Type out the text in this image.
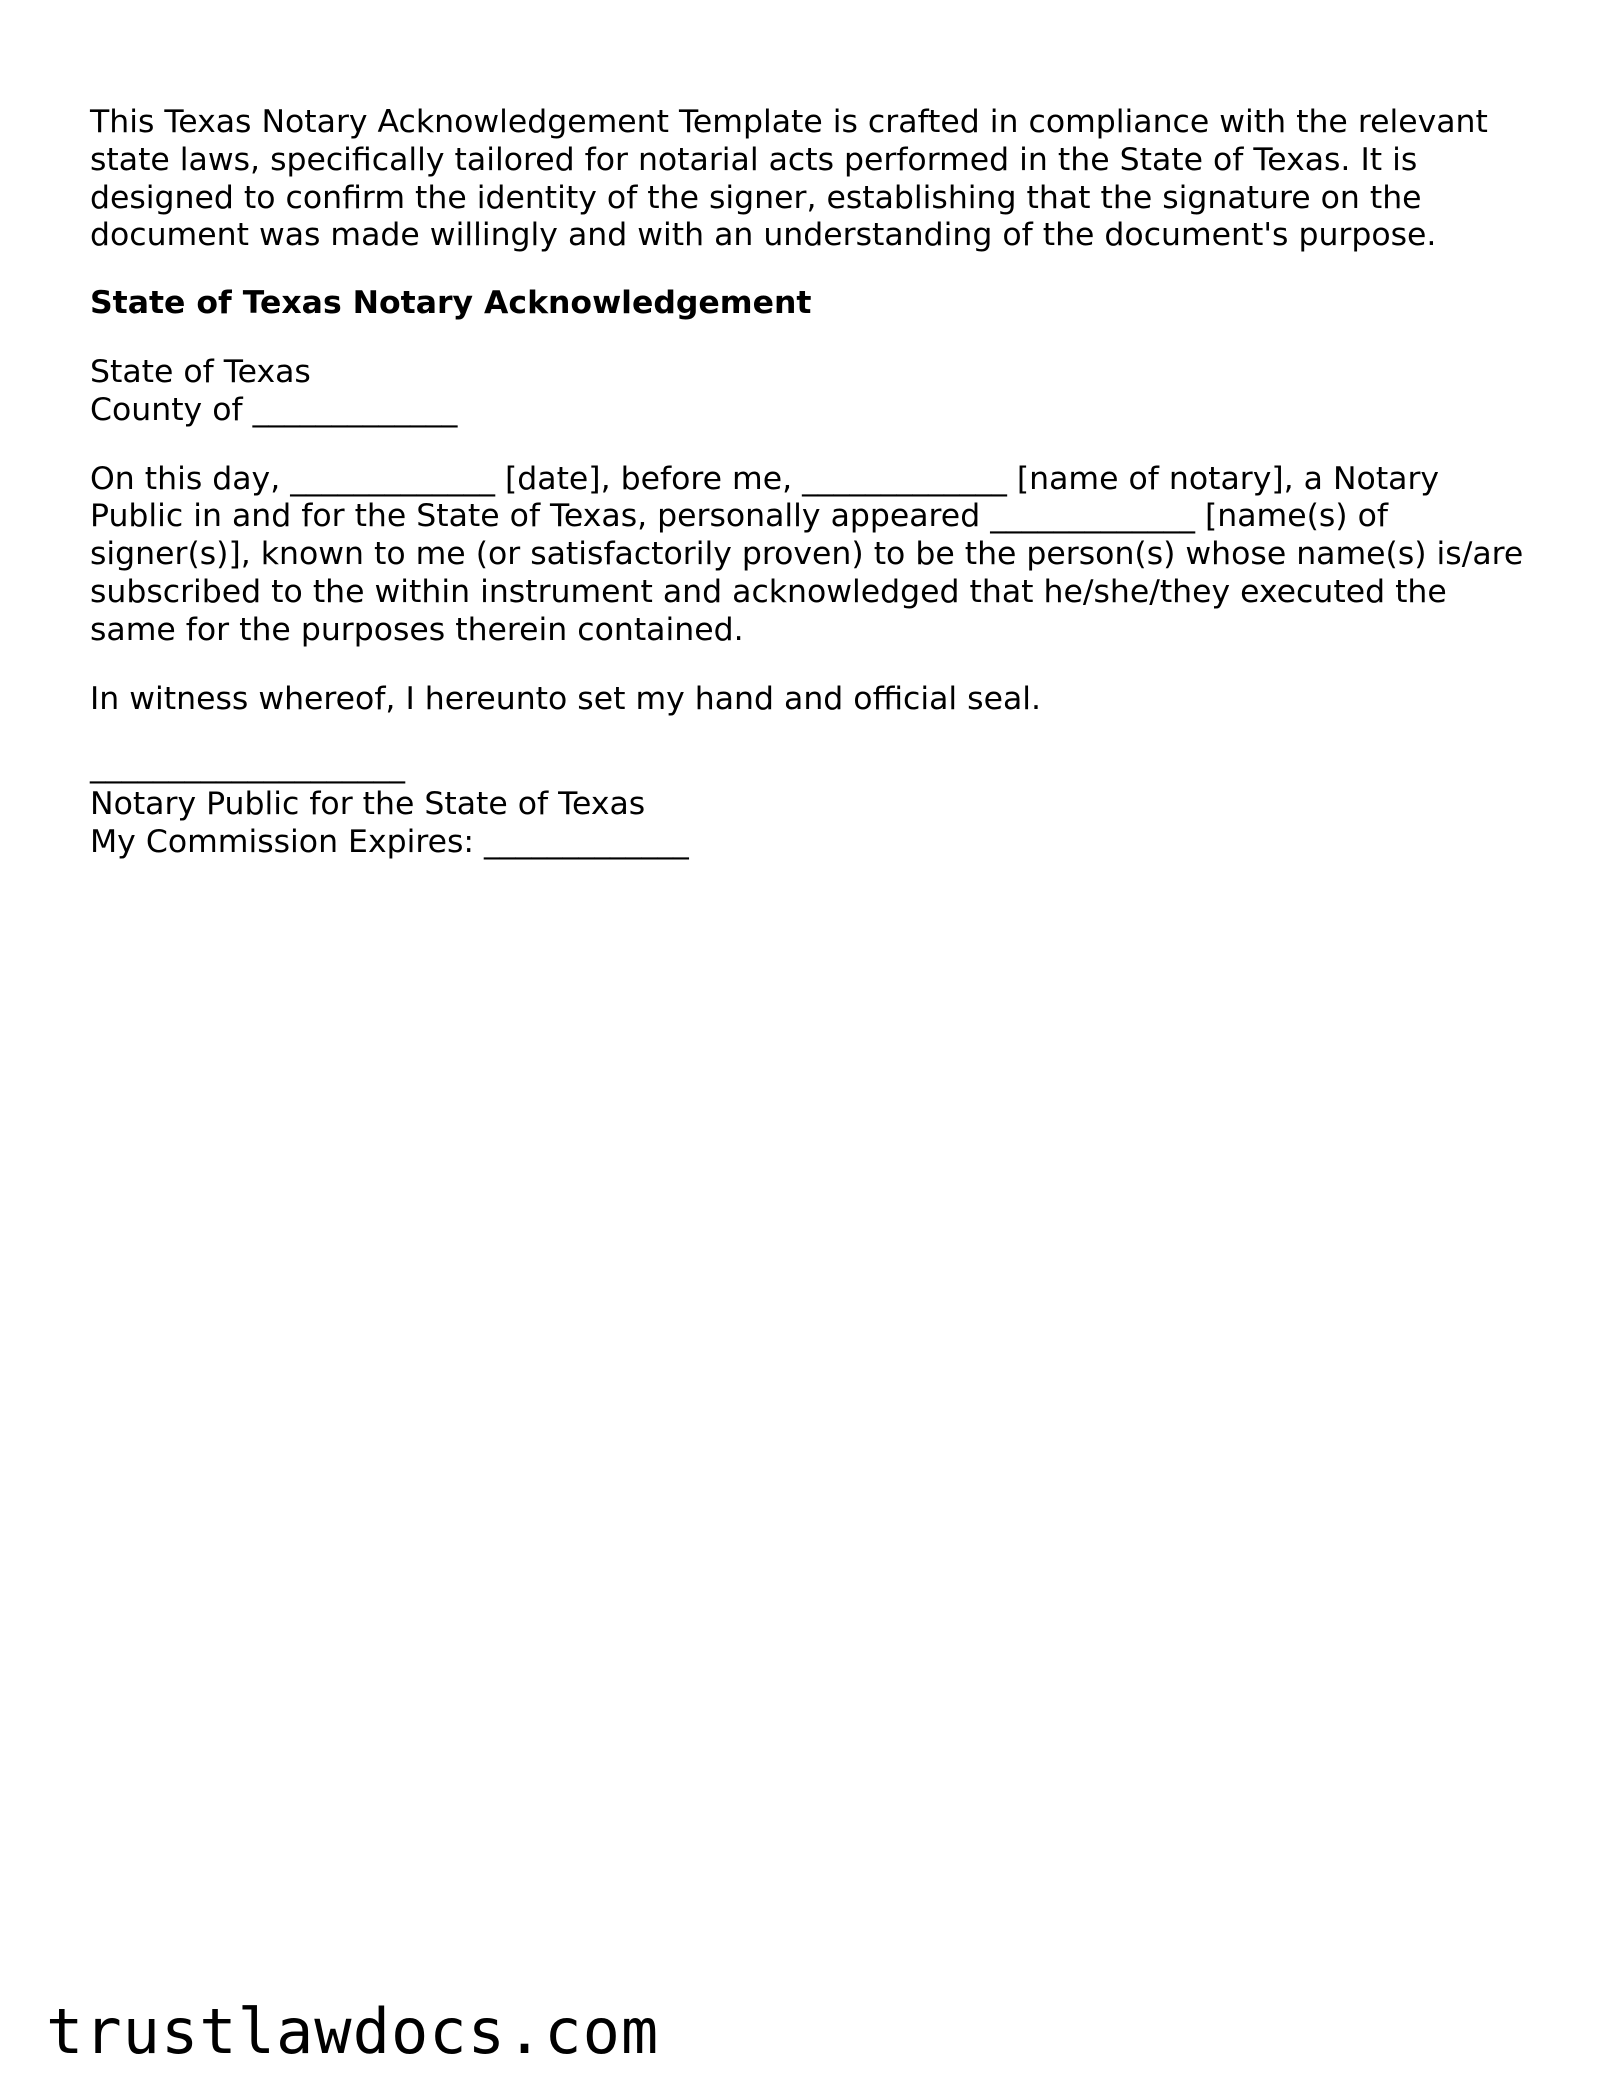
This Texas Notary Acknowledgement Template is crafted in compliance with the relevant
state laws, specifically tailored for notarial acts performed in the State of Texas. It is
designed to confirm the identity of the signer, establishing that the signature on the
document was made willingly and with an understanding of the document's purpose.

State of Texas Notary Acknowledgement
State of Texas
County of _____________

On this day, _____________ [date], before me, _____________ [name of notary], a Notary
Public in and for the State of Texas, personally appeared _____________ [name(s) of
signer(s)], known to me (or satisfactorily proven) to be the person(s) whose name(s) is/are
subscribed to the within instrument and acknowledged that he/she/they executed the
same for the purposes therein contained.

In witness whereof, I hereunto set my hand and official seal.

____________________
Notary Public for the State of Texas
My Commission Expires: _____________
trustlawdocs.com
